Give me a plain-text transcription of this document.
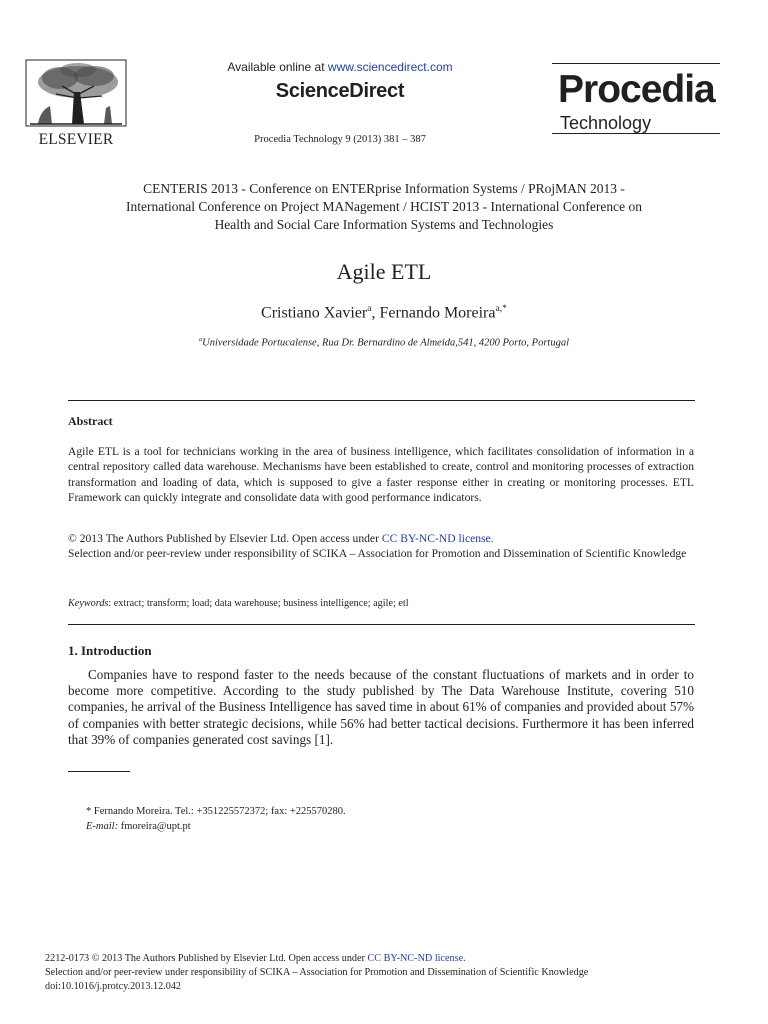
ELSEVIER
Available online at www.sciencedirect.com
ScienceDirect
Procedia Technology 9 (2013) 381 – 387
Procedia
Technology
CENTERIS 2013 - Conference on ENTERprise Information Systems / PRojMAN 2013 -
International Conference on Project MANagement / HCIST 2013 - International Conference on
Health and Social Care Information Systems and Technologies
Agile ETL
Cristiano Xavier$^a$, Fernando Moreira$^{a,*}$
$^a$Universidade Portucalense, Rua Dr. Bernardino de Almeida,541, 4200 Porto, Portugal
Abstract
Agile ETL is a tool for technicians working in the area of business intelligence, which facilitates consolidation of information in a central repository called data warehouse. Mechanisms have been established to create, control and monitoring processes of extraction transformation and loading of data, which is supposed to give a faster response either in creating or monitoring processes. ETL Framework can quickly integrate and consolidate data with good performance indicators.
© 2013 The Authors Published by Elsevier Ltd. Open access under CC BY-NC-ND license.
Selection and/or peer-review under responsibility of SCIKA – Association for Promotion and Dissemination of Scientific Knowledge
Keywords: extract; transform; load; data warehouse; business intelligence; agile; etl
1. Introduction
Companies have to respond faster to the needs because of the constant fluctuations of markets and in order to become more competitive. According to the study published by The Data Warehouse Institute, covering 510 companies, he arrival of the Business Intelligence has saved time in about 61% of companies and provided about 57% of companies with better strategic decisions, while 56% had better tactical decisions. Furthermore it has been inferred that 39% of companies generated cost savings [1].
* Fernando Moreira. Tel.: +351225572372; fax: +225570280.
E-mail: fmoreira@upt.pt
2212-0173 © 2013 The Authors Published by Elsevier Ltd. Open access under CC BY-NC-ND license.
Selection and/or peer-review under responsibility of SCIKA – Association for Promotion and Dissemination of Scientific Knowledge
doi:10.1016/j.protcy.2013.12.042
